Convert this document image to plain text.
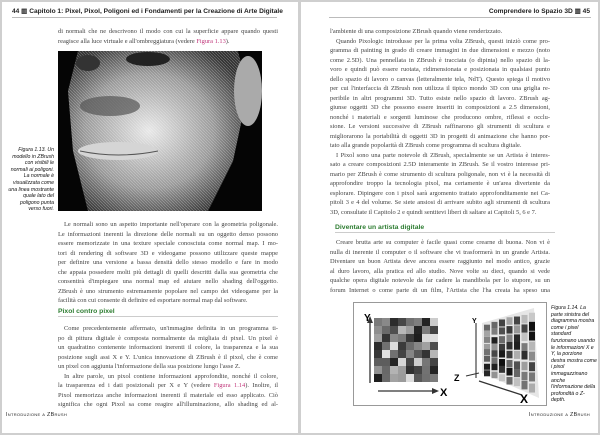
44 ▥ Capitolo 1: Pixel, Pixol, Poligoni ed i Fondamenti per la Creazione di Arte Digitale
di normali che ne descrivono il modo con cui la superficie appare quando questi
reagisce alla luce virtuale e all'ombreggiatura (vedere Figura 1.13).
Figura 1.13. Un
modello in ZBrush
con visibili le
normali ai poligoni.
La normale è
visualizzata come
una linea mostrante
quale lato del
poligono punta
verso fuori.
Le normali sono un aspetto importante nell'operare con la geometria poligonale.
Le informazioni inerenti la direzione delle normali su un oggetto denso possono
essere memorizzate in una texture speciale conosciuta come normal map. I mo-
tori di rendering di software 3D e videogame possono utilizzare queste mappe
per definire una versione a bassa densità dello stesso modello e fare in modo
che appaia possedere molti più dettagli di quelli descritti dalla sua geometria che
consentirà d'impiegare una normal map ed aiutare nello shading dell'oggetto.
ZBrush è uno strumento estremamente popolare nel campo dei videogame per la
facilità con cui consente di definire ed esportare normal map dal software.
Pixol contro pixel
Come precedentemente affermato, un'immagine definita in un programma ti-
po di pittura digitale è composta normalmente da migliaia di pixel. Un pixel è
un quadratino contenente informazioni inerenti il colore, la trasparenza e la sua
posizione sugli assi X e Y. L'unica innovazione di ZBrush è il pixol, che è come
un pixel con aggiunta l'informazione della sua posizione lungo l'asse Z.
In altre parole, un pixol contiene informazioni approfondite, nonché il colore,
la trasparenza ed i dati posizionali per X e Y (vedere Figura 1.14). Inoltre, il
Pixol memorizza anche informazioni inerenti il materiale ed esso applicato. Ciò
significa che ogni Pixol sa come reagire all'illuminazione, allo shading ed al-
Introduzione a ZBrush
Comprendere lo Spazio 3D ▥ 45
l'ambiente di una composizione ZBrush quando viene renderizzato.
Quando Pixologic introdusse per la prima volta ZBrush, questi iniziò come pro-
gramma di painting in grado di creare immagini in due dimensioni e mezzo (noto
come 2.5D). Una pennellata in ZBrush è tracciata (o dipinta) nello spazio di la-
voro e quindi può essere ruotata, ridimensionata e posizionata in qualsiasi punto
dello spazio di lavoro o canvas (letteralmente tela, NdT). Questo spiega il motivo
per cui l'interfaccia di ZBrush non utilizza il tipico mondo 3D con una griglia re-
peribile in altri programmi 3D. Tutto esiste nello spazio di lavoro. ZBrush ag-
giunse oggetti 3D che possono essere inseriti in composizioni a 2.5 dimensioni,
nonché i materiali e sorgenti luminose che producono ombre, riflessi e occlu-
sione. Le versioni successive di ZBrush raffinarono gli strumenti di scultura e
migliorarono la portabilità di oggetti 3D in progetti di animazione che hanno por-
tato alla grande popolarità di ZBrush come programma di scultura digitale.
I Pixol sono una parte notevole di ZBrush, specialmente se un Artista è interes-
sato a creare composizioni 2.5D interamente in ZBrush. Se il vostro interesse pri-
mario per ZBrush è come strumento di scultura poligonale, non vi è la necessità di
approfondire troppo la tecnologia pixol, ma certamente è un'area divertente da
esplorare. Dipingere con i pixol sarà argomento trattato approfonditamente nei Ca-
pitoli 3 e 4 del volume. Se siete ansiosi di arrivare subito agli strumenti di scultura
3D, consultate il Capitolo 2 e quindi sentitevi liberi di saltare ai Capitoli 5, 6 e 7.
Diventare un artista digitale
Creare brutta arte su computer è facile quasi come crearne di buona. Non vi è
nulla di inerente il computer o il software che vi trasformerà in un grande Artista.
Diventare un buon Artista deve ancora essere raggiunto nel modo antico, grazie
al duro lavoro, alla pratica ed allo studio. Nove volte su dieci, quando si vede
qualche opera digitale notevole da far cadere la mandibola per lo stupore, su un
forum Internet o come parte di un film, l'Artista che l'ha creata ha speso una
Y
X
Y
Z
X
Figura 1.14. La
parte sinistra del
diagramma mostra
come i pixel
standard
funzionano usando
le informazioni X e
Y, la porzione
destra mostra come
i pixol
immagazzinano
anche
l'informazione della
profondità o Z-
depth.
Introduzione a ZBrush
